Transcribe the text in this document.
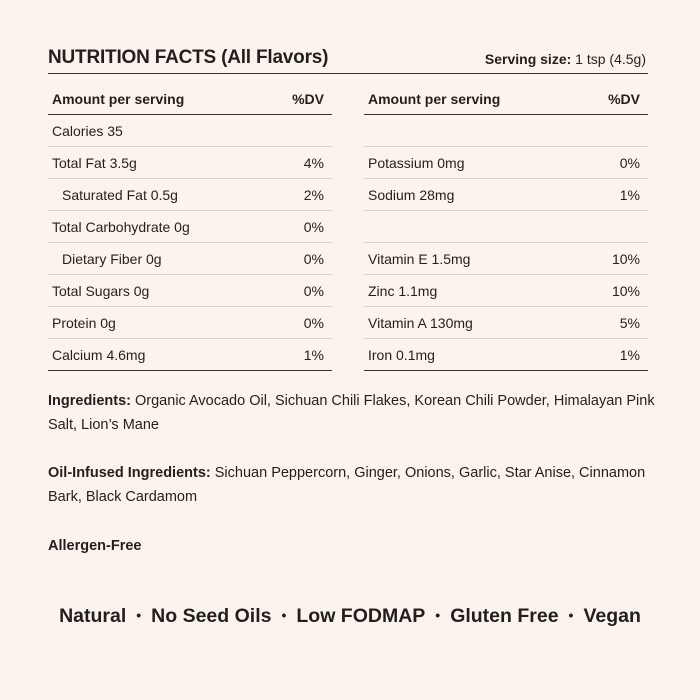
NUTRITION FACTS (All Flavors)	Serving size: 1 tsp (4.5g)
Amount per serving	%DV
Calories 35	
Total Fat 3.5g	4%
Saturated Fat 0.5g	2%
Total Carbohydrate 0g	0%
Dietary Fiber 0g	0%
Total Sugars 0g	0%
Protein 0g	0%
Calcium 4.6mg	1%
Amount per serving	%DV

Potassium 0mg	0%
Sodium 28mg	1%

Vitamin E 1.5mg	10%
Zinc 1.1mg	10%
Vitamin A 130mg	5%
Iron 0.1mg	1%
Ingredients: Organic Avocado Oil, Sichuan Chili Flakes, Korean Chili Powder, Himalayan Pink Salt, Lion’s Mane
Oil-Infused Ingredients: Sichuan Peppercorn, Ginger, Onions, Garlic, Star Anise, Cinnamon Bark, Black Cardamom
Allergen-Free
Natural • No Seed Oils • Low FODMAP • Gluten Free • Vegan
